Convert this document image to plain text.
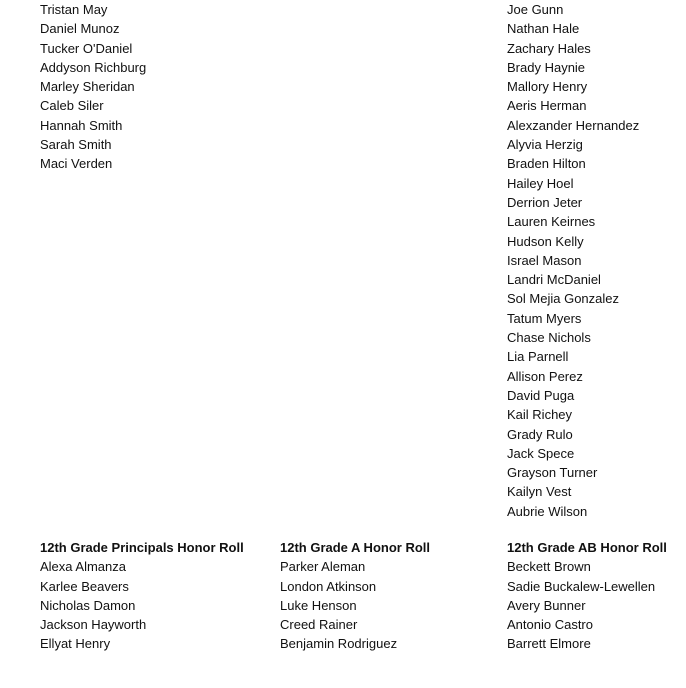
Tristan May
Daniel Munoz
Tucker O'Daniel
Addyson Richburg
Marley Sheridan
Caleb Siler
Hannah Smith
Sarah Smith
Maci Verden
Joe Gunn
Nathan Hale
Zachary Hales
Brady Haynie
Mallory Henry
Aeris Herman
Alexzander Hernandez
Alyvia Herzig
Braden Hilton
Hailey Hoel
Derrion Jeter
Lauren Keirnes
Hudson Kelly
Israel Mason
Landri McDaniel
Sol Mejia Gonzalez
Tatum Myers
Chase Nichols
Lia Parnell
Allison Perez
David Puga
Kail Richey
Grady Rulo
Jack Spece
Grayson Turner
Kailyn Vest
Aubrie Wilson
12th Grade Principals Honor Roll
Alexa Almanza
Karlee Beavers
Nicholas Damon
Jackson Hayworth
Ellyat Henry
12th Grade A Honor Roll
Parker Aleman
London Atkinson
Luke Henson
Creed Rainer
Benjamin Rodriguez
12th Grade AB Honor Roll
Beckett Brown
Sadie Buckalew-Lewellen
Avery Bunner
Antonio Castro
Barrett Elmore
